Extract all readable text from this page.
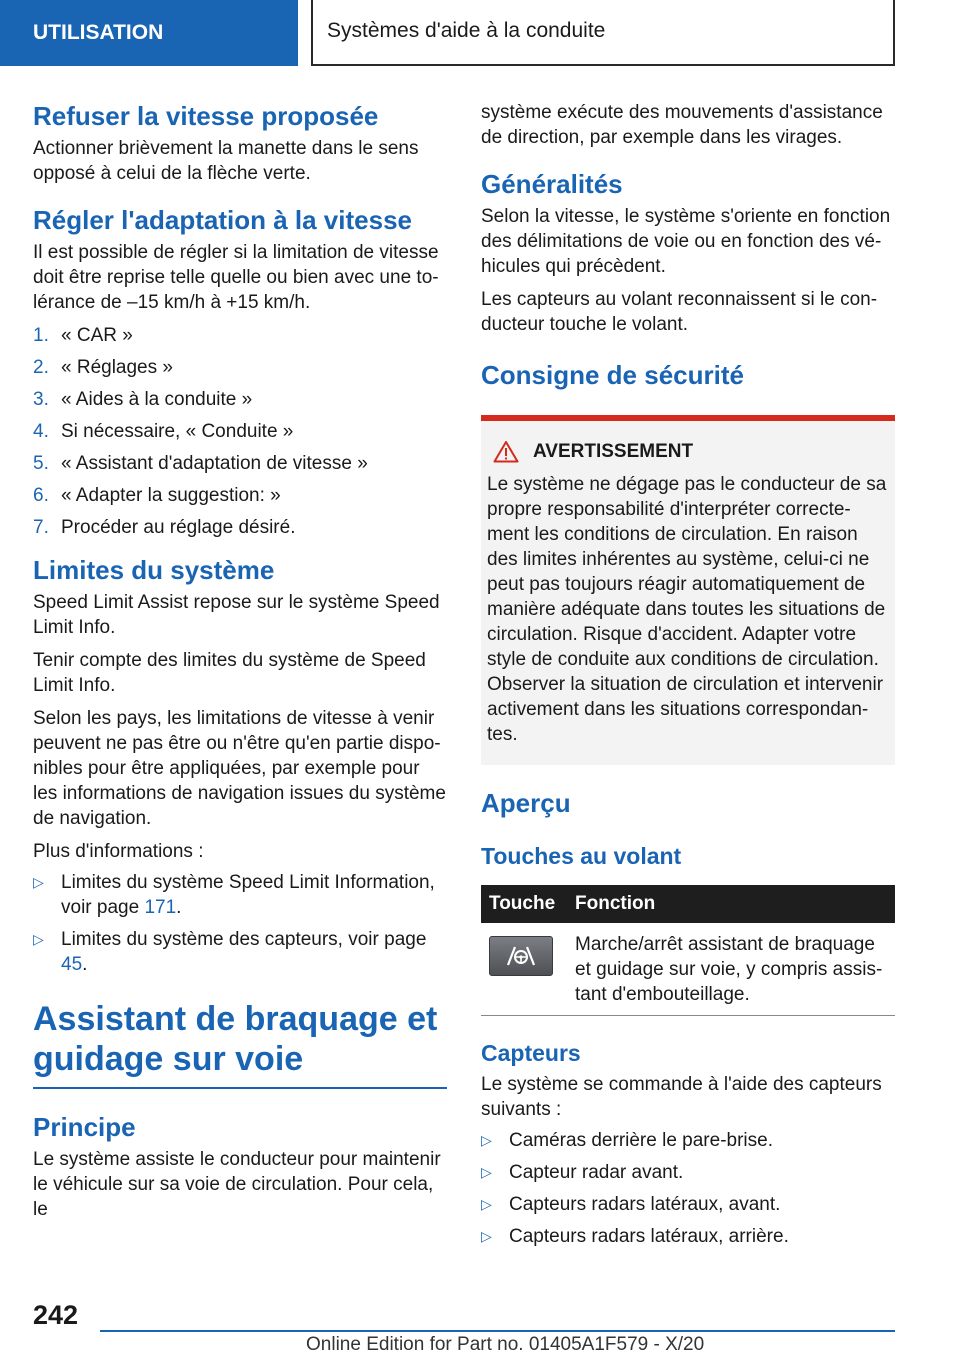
UTILISATION	Systèmes d'aide à la conduite
Refuser la vitesse proposée
Actionner brièvement la manette dans le sens opposé à celui de la flèche verte.
Régler l'adaptation à la vitesse
Il est possible de régler si la limitation de vitesse doit être reprise telle quelle ou bien avec une to-lérance de –15 km/h à +15 km/h.
1. « CAR »
2. « Réglages »
3. « Aides à la conduite »
4. Si nécessaire, « Conduite »
5. « Assistant d'adaptation de vitesse »
6. « Adapter la suggestion: »
7. Procéder au réglage désiré.
Limites du système
Speed Limit Assist repose sur le système Speed Limit Info.
Tenir compte des limites du système de Speed Limit Info.
Selon les pays, les limitations de vitesse à venir peuvent ne pas être ou n'être qu'en partie dispo-nibles pour être appliquées, par exemple pour les informations de navigation issues du système de navigation.
Plus d'informations :
▷ Limites du système Speed Limit Information, voir page 171.
▷ Limites du système des capteurs, voir page 45.
Assistant de braquage et guidage sur voie
Principe
Le système assiste le conducteur pour maintenir le véhicule sur sa voie de circulation. Pour cela, le
système exécute des mouvements d'assistance de direction, par exemple dans les virages.
Généralités
Selon la vitesse, le système s'oriente en fonction des délimitations de voie ou en fonction des vé-hicules qui précèdent.
Les capteurs au volant reconnaissent si le con-ducteur touche le volant.
Consigne de sécurité
AVERTISSEMENT
Le système ne dégage pas le conducteur de sa propre responsabilité d'interpréter correcte-ment les conditions de circulation. En raison des limites inhérentes au système, celui-ci ne peut pas toujours réagir automatiquement de manière adéquate dans toutes les situations de circulation. Risque d'accident. Adapter votre style de conduite aux conditions de circulation. Observer la situation de circulation et intervenir activement dans les situations correspondan-tes.
Aperçu
Touches au volant
Touche	Fonction

	Marche/arrêt assistant de braquage et guidage sur voie, y compris assis-tant d'embouteillage.
Capteurs
Le système se commande à l'aide des capteurs suivants :
▷ Caméras derrière le pare-brise.
▷ Capteur radar avant.
▷ Capteurs radars latéraux, avant.
▷ Capteurs radars latéraux, arrière.
242
Online Edition for Part no. 01405A1F579 - X/20
